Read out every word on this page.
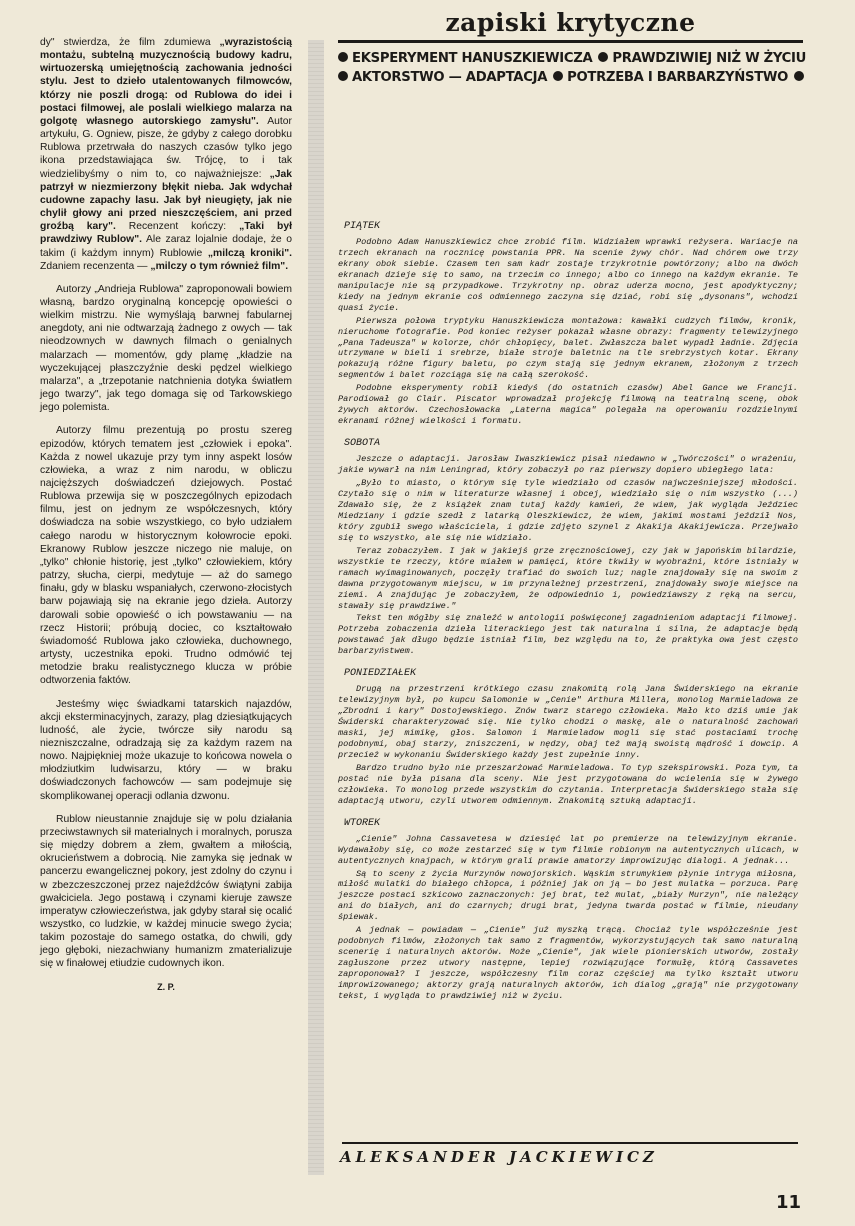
dy" stwierdza, że film zdumiewa „wyrazistością montażu, subtelną muzycznością budowy kadru, wirtuozerską umiejętnością zachowania jedności stylu. Jest to dzieło utalentowanych filmowców, którzy nie poszli drogą: od Rublowa do idei i postaci filmowej, ale poslali wielkiego malarza na golgotę własnego autorskiego zamysłu". Autor artykułu, G. Ogniew, pisze, że gdyby z całego dorobku Rublowa przetrwała do naszych czasów tylko jego ikona przedstawiająca św. Trójcę, to i tak wiedzielibyśmy o nim to, co najważniejsze: „Jak patrzył w niezmierzony błękit nieba. Jak wdychał cudowne zapachy lasu. Jak był nieugięty, jak nie chylił głowy ani przed nieszczęściem, ani przed groźbą kary". Recenzent kończy: „Taki był prawdziwy Rublow". Ale zaraz lojalnie dodaje, że o takim (i każdym innym) Rublowie „milczą kroniki". Zdaniem recenzenta — „milczy o tym również film".

Autorzy „Andrieja Rublowa" zaproponowali bowiem własną, bardzo oryginalną koncepcję opowieści o wielkim mistrzu. Nie wymyślają barwnej fabularnej anegdoty, ani nie odtwarzają żadnego z owych — tak nieodzownych w dawnych filmach o genialnych malarzach — momentów, gdy plamę „kładzie na wyczekującej płaszczyźnie deski pędzel wielkiego malarza", a „trzepotanie natchnienia dotyka światłem jego twarzy", jak tego domaga się od Tarkowskiego jego polemista.

Autorzy filmu prezentują po prostu szereg epizodów, których tematem jest „człowiek i epoka". Każda z nowel ukazuje przy tym inny aspekt losów człowieka, a wraz z nim narodu, w obliczu najcięższych doświadczeń dziejowych. Postać Rublowa przewija się w poszczególnych epizodach filmu, jest on jednym ze współczesnych, który doświadcza na sobie wszystkiego, co było udziałem całego narodu w historycznym kołowrocie epoki. Ekranowy Rublow jeszcze niczego nie maluje, on „tylko" chłonie historię, jest „tylko" człowiekiem, który patrzy, słucha, cierpi, medytuje — aż do samego finału, gdy w blasku wspaniałych, czerwono-złocistych barw pojawiają się na ekranie jego dzieła. Autorzy darowali sobie opowieść o ich powstawaniu — na rzecz Historii; próbują dociec, co kształtowało świadomość Rublowa jako człowieka, duchownego, artysty, uczestnika epoki. Trudno odmówić tej metodzie braku realistycznego klucza w próbie odtworzenia faktów.

Jesteśmy więc świadkami tatarskich najazdów, akcji eksterminacyjnych, zarazy, plag dziesiątkujących ludność, ale życie, twórcze siły narodu są niezniszczalne, odradzają się za każdym razem na nowo. Najpiękniej może ukazuje to końcowa nowela o młodziutkim ludwisarzu, który — w braku doświadczonych fachowców — sam podejmuje się skomplikowanej operacji odlania dzwonu.

Rublow nieustannie znajduje się w polu działania przeciwstawnych sił materialnych i moralnych, porusza się między dobrem a złem, gwałtem a miłością, okrucieństwem a dobrocią. Nie zamyka się jednak w pancerzu ewangelicznej pokory, jest zdolny do czynu i w zbezczeszczonej przez najeźdźców świątyni zabija gwałciciela. Jego postawą i czynami kieruje zawsze imperatyw człowieczeństwa, jak gdyby starał się ocalić wszystko, co ludzkie, w każdej minucie swego życia; takim pozostaje do samego ostatka, do chwili, gdy jego głęboki, niezachwiany humanizm zmaterializuje się w finałowej etiudzie cudownych ikon.

Z. P.
zapiski krytyczne
EKSPERYMENT HANUSZKIEWICZA PRAWDZIWIEJ NIŻ W ŻYCIU
AKTORSTWO — ADAPTACJA POTRZEBA I BARBARZYŃSTWO
PIĄTEK

Podobno Adam Hanuszkiewicz chce zrobić film. Widziałem wprawki reżysera. Wariacje na trzech ekranach na rocznicę powstania PPR. Na scenie żywy chór. Nad chórem owe trzy ekrany obok siebie. Czasem ten sam kadr zostaje trzykrotnie powtórzony; albo na dwóch ekranach dzieje się to samo, na trzecim co innego; albo co innego na każdym ekranie. Te manipulacje nie są przypadkowe. Trzykrotny np. obraz uderza mocno, jest apodyktyczny; kiedy na jednym ekranie coś odmiennego zaczyna się dziać, robi się „dysonans", wchodzi quasi życie.

Pierwsza połowa tryptyku Hanuszkiewicza montażowa: kawałki cudzych filmów, kronik, nieruchome fotografie. Pod koniec reżyser pokazał własne obrazy: fragmenty telewizyjnego „Pana Tadeusza" w kolorze, chór chłopięcy, balet. Zwłaszcza balet wypadł ładnie. Zdjęcia utrzymane w bieli i srebrze, białe stroje baletnic na tle srebrzystych kotar. Ekrany pokazują różne figury baletu, po czym stają się jednym ekranem, złożonym z trzech segmentów i balet rozciąga się na całą szerokość.

Podobne eksperymenty robił kiedyś (do ostatnich czasów) Abel Gance we Francji. Parodiował go Clair. Piscator wprowadzał projekcję filmową na teatralną scenę, obok żywych aktorów. Czechosłowacka „Laterna magica" polegała na operowaniu rozdzielnymi ekranami różnej wielkości i formatu.

SOBOTA

Jeszcze o adaptacji. Jarosław Iwaszkiewicz pisał niedawno w „Twórczości" o wrażeniu, jakie wywarł na nim Leningrad, który zobaczył po raz pierwszy dopiero ubiegłego lata:

„Było to miasto, o którym się tyle wiedziało od czasów najwcześniejszej młodości. Czytało się o nim w literaturze własnej i obcej, wiedziało się o nim wszystko (...) Zdawało się, że z książek znam tutaj każdy kamień, że wiem, jak wygląda Jeździec Miedziany i gdzie szedł z latarką Oleszkiewicz, że wiem, jakimi mostami jeździł Nos, który zgubił swego właściciela, i gdzie zdjęto szynel z Akakija Akakijewicza. Przejwało się to wszystko, ale się nie widziało.

Teraz zobaczyłem. I jak w jakiejś grze zręcznościowej, czy jak w japońskim bilardzie, wszystkie te rzeczy, które miałem w pamięci, które tkwiły w wyobraźni, które istniały w ramach wyimaginowanych, poczęły trafiać do swoich luz; nagle znajdowały się na swoim z dawna przygotowanym miejscu, w im przynależnej przestrzeni, znajdowały swoje miejsce na ziemi. A znajdując je zobaczyłem, że odpowiednio i, powiedziawszy z ręką na sercu, stawały się prawdziwe."

Tekst ten mógłby się znaleźć w antologii poświęconej zagadnieniom adaptacji filmowej. Potrzeba zobaczenia dzieła literackiego jest tak naturalna i silna, że adaptacje będą powstawać jak długo będzie istniał film, bez względu na to, że praktyka owa jest często barbarzyństwem.

PONIEDZIAŁEK

Drugą na przestrzeni krótkiego czasu znakomitą rolą Jana Świderskiego na ekranie telewizyjnym był, po kupcu Salomonie w „Cenie" Arthura Millera, monolog Marmieladowa ze „Zbrodni i kary" Dostojewskiego. Znów twarz starego człowieka. Mało kto dziś umie jak Świderski charakteryzować się. Nie tylko chodzi o maskę, ale o naturalność zachowań maski, jej mimikę, głos. Salomon i Marmieladow mogli się stać postaciami trochę podobnymi, obaj starzy, zniszczeni, w nędzy, obaj też mają swoistą mądrość i dowcip. A przecież w wykonaniu Świderskiego każdy jest zupełnie inny.

Bardzo trudno było nie przeszarżować Marmieladowa. To typ szekspirowski. Poza tym, ta postać nie była pisana dla sceny. Nie jest przygotowana do wcielenia się w żywego człowieka. To monolog przede wszystkim do czytania. Interpretacja Świderskiego stała się adaptacją utworu, czyli utworem odmiennym. Znakomitą sztuką adaptacji.

WTOREK

„Cienie" Johna Cassavetesa w dziesięć lat po premierze na telewizyjnym ekranie. Wydawałoby się, co może zestarzeć się w tym filmie robionym na autentycznych ulicach, w autentycznych knajpach, w którym grali prawie amatorzy improwizując dialogi. A jednak...

Są to sceny z życia Murzynów nowojorskich. Wąskim strumykiem płynie intryga miłosna, miłość mulatki do białego chłopca, i później jak on ją — bo jest mulatka — porzuca. Parę jeszcze postaci szkicowo zaznaczonych: jej brat, też mulat, „biały Murzyn", nie należący ani do białych, ani do czarnych; drugi brat, jedyna twarda postać w filmie, nieudany śpiewak.

A jednak — powiadam — „Cienie" już myszką trącą. Chociaż tyle współcześnie jest podobnych filmów, złożonych tak samo z fragmentów, wykorzystujących tak samo naturalną scenerię i naturalnych aktorów. Może „Cienie", jak wiele pionierskich utworów, zostały zagłuszone przez utwory następne, lepiej rozwiązujące formułę, którą Cassavetes zaproponował? I jeszcze, współczesny film coraz częściej ma tylko kształt utworu improwizowanego; aktorzy grają naturalnych aktorów, ich dialog „grają" nie przygotowany tekst, i wygląda to prawdziwiej niż w życiu.

ALEKSANDER JACKIEWICZ
11
